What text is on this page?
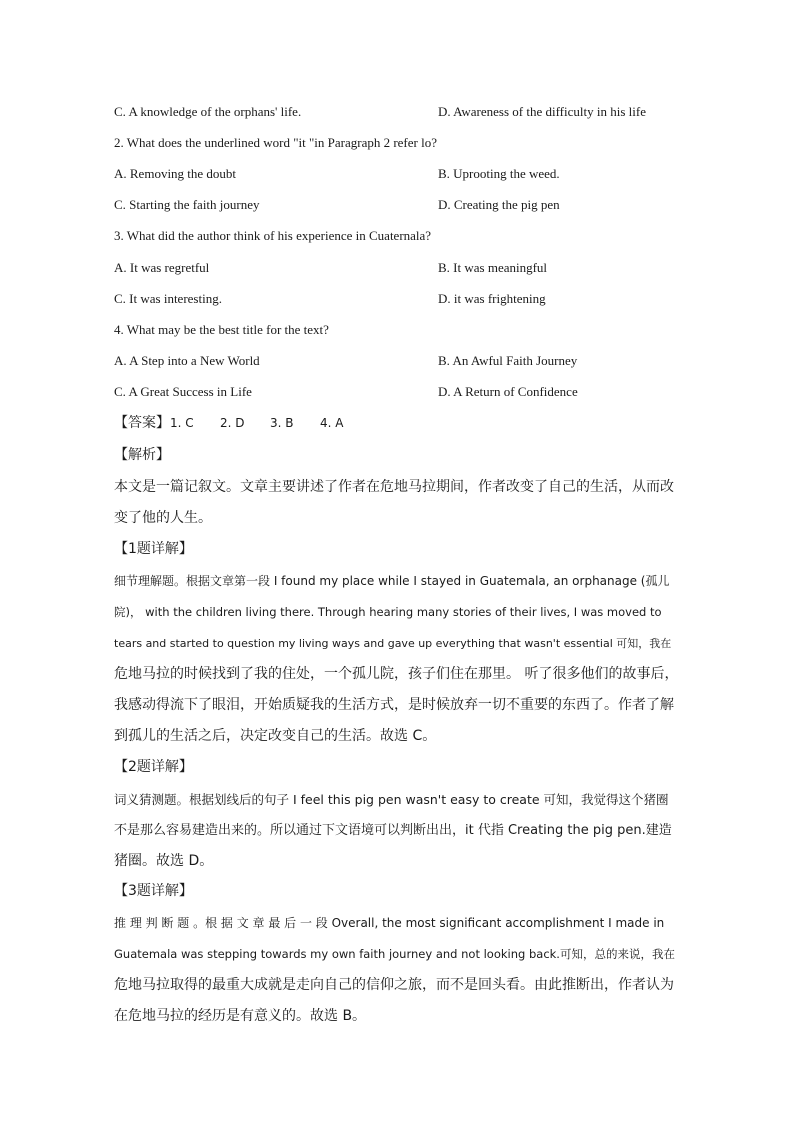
C. A knowledge of the orphans' life.	D. Awareness of the difficulty in his life
2. What does the underlined word "it "in Paragraph 2 refer lo?
A. Removing the doubt	B. Uprooting the weed.
C. Starting the faith journey	D. Creating the pig pen
3. What did the author think of his experience in Cuaternala?
A. It was regretful	B. It was meaningful
C. It was interesting.	D. it was frightening
4. What may be the best title for the text?
A. A Step into a New World	B. An Awful Faith Journey
C. A Great Success in Life	D. A Return of Confidence
【答案】1. C 2. D 3. B 4. A
【解析】
本文是一篇记叙文。文章主要讲述了作者在危地马拉期间，作者改变了自己的生活，从而改
变了他的人生。
【1题详解】
细节理解题。根据文章第一段 I found my place while I stayed in Guatemala, an orphanage (孤儿
院)， with the children living there. Through hearing many stories of their lives, I was moved to
tears and started to question my living ways and gave up everything that wasn't essential 可知，我在
危地马拉的时候找到了我的住处，一个孤儿院，孩子们住在那里。 听了很多他们的故事后，
我感动得流下了眼泪，开始质疑我的生活方式，是时候放弃一切不重要的东西了。作者了解
到孤儿的生活之后，决定改变自己的生活。故选 C。
【2题详解】
词义猜测题。根据划线后的句子 I feel this pig pen wasn't easy to create 可知，我觉得这个猪圈
不是那么容易建造出来的。所以通过下文语境可以判断出出，it 代指 Creating the pig pen.建造
猪圈。故选 D。
【3题详解】
推 理 判 断 题 。根 据 文 章 最 后 一 段 Overall, the most significant accomplishment I made in
Guatemala was stepping towards my own faith journey and not looking back.可知，总的来说，我在
危地马拉取得的最重大成就是走向自己的信仰之旅，而不是回头看。由此推断出，作者认为
在危地马拉的经历是有意义的。故选 B。
